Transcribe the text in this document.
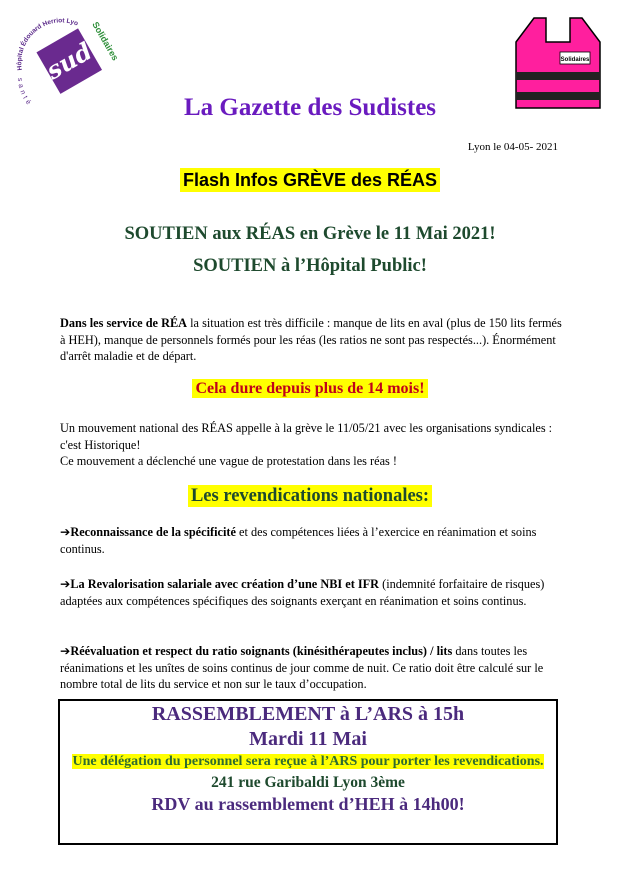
Hôpital Édouard Herriot Lyo
santé
sud
Solidaires	Solidaires
La Gazette des Sudistes
Lyon le 04-05- 2021
Flash Infos GRÈVE des RÉAS
SOUTIEN aux RÉAS en Grève le 11 Mai 2021!
SOUTIEN à l’Hôpital Public!
Dans les service de RÉA la situation est très difficile : manque de lits en aval (plus de 150 lits fermés à HEH), manque de personnels formés pour les réas (les ratios ne sont pas respectés...). Énormément d'arrêt maladie et de départ.
Cela dure depuis plus de 14 mois!
Un mouvement national des RÉAS appelle à la grève le 11/05/21 avec les organisations syndicales : c'est Historique!
Ce mouvement a déclenché une vague de protestation dans les réas !
Les revendications nationales:
➔Reconnaissance de la spécificité et des compétences liées à l’exercice en réanimation et soins continus.
➔La Revalorisation salariale avec création d’une NBI et IFR (indemnité forfaitaire de risques) adaptées aux compétences spécifiques des soignants exerçant en réanimation et soins continus.
➔Réévaluation et respect du ratio soignants (kinésithérapeutes inclus) / lits dans toutes les réanimations et les unîtes de soins continus de jour comme de nuit. Ce ratio doit être calculé sur le nombre total de lits du service et non sur le taux d’occupation.
RASSEMBLEMENT à L’ARS à 15h
Mardi 11 Mai
Une délégation du personnel sera reçue à l’ARS pour porter les revendications.
241 rue Garibaldi Lyon 3ème
RDV au rassemblement d’HEH à 14h00!
